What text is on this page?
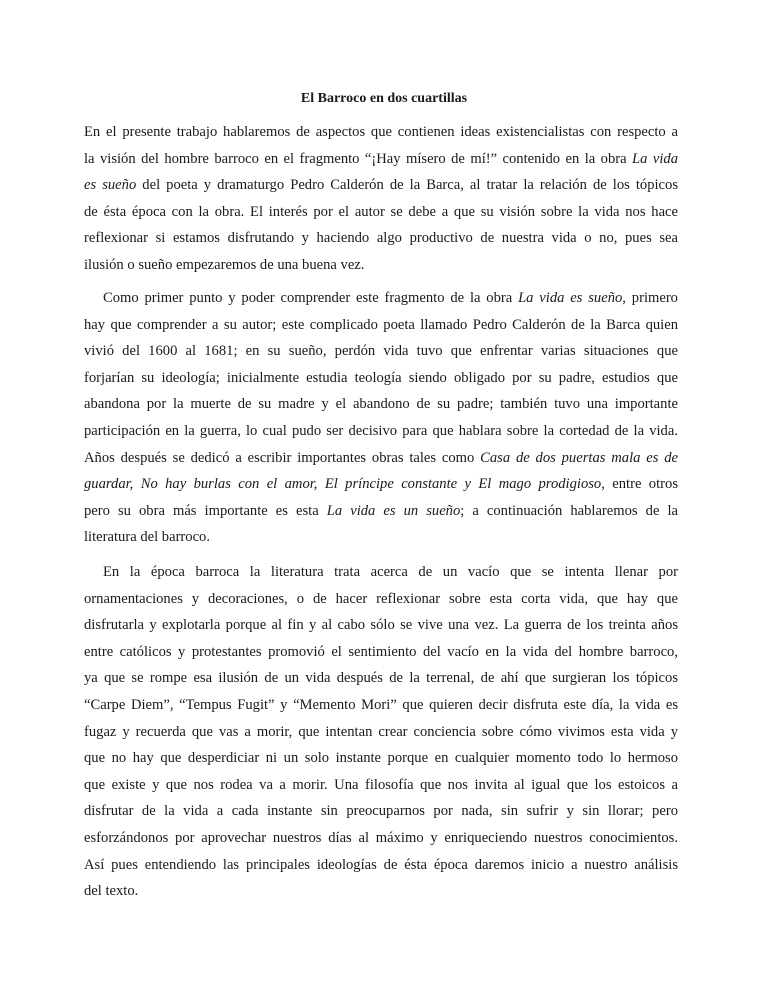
El Barroco en dos cuartillas
En el presente trabajo hablaremos de aspectos que contienen ideas existencialistas con respecto a
la visión del hombre barroco en el fragmento “¡Hay mísero de mí!” contenido en la obra La vida
es sueño del poeta y dramaturgo Pedro Calderón de la Barca, al tratar la relación de los tópicos
de ésta época con la obra. El interés por el autor se debe a que su visión sobre la vida nos hace
reflexionar si estamos disfrutando y haciendo algo productivo de nuestra vida o no, pues sea
ilusión o sueño empezaremos de una buena vez.
Como primer punto y poder comprender este fragmento de la obra La vida es sueño, primero
hay que comprender a su autor; este complicado poeta llamado Pedro Calderón de la Barca quien
vivió del 1600 al 1681; en su sueño, perdón vida tuvo que enfrentar varias situaciones que
forjarían su ideología; inicialmente estudia teología siendo obligado por su padre, estudios que
abandona por la muerte de su madre y el abandono de su padre; también tuvo una importante
participación en la guerra, lo cual pudo ser decisivo para que hablara sobre la cortedad de la vida.
Años después se dedicó a escribir importantes obras tales como Casa de dos puertas mala es de
guardar, No hay burlas con el amor, El príncipe constante y El mago prodigioso, entre otros
pero su obra más importante es esta La vida es un sueño; a continuación hablaremos de la
literatura del barroco.
En la época barroca la literatura trata acerca de un vacío que se intenta llenar por
ornamentaciones y decoraciones, o de hacer reflexionar sobre esta corta vida, que hay que
disfrutarla y explotarla porque al fin y al cabo sólo se vive una vez. La guerra de los treinta años
entre católicos y protestantes promovió el sentimiento del vacío en la vida del hombre barroco,
ya que se rompe esa ilusión de un vida después de la terrenal, de ahí que surgieran los tópicos
“Carpe Diem”, “Tempus Fugit” y “Memento Mori” que quieren decir disfruta este día, la vida es
fugaz y recuerda que vas a morir, que intentan crear conciencia sobre cómo vivimos esta vida y
que no hay que desperdiciar ni un solo instante porque en cualquier momento todo lo hermoso
que existe y que nos rodea va a morir. Una filosofía que nos invita al igual que los estoicos a
disfrutar de la vida a cada instante sin preocuparnos por nada, sin sufrir y sin llorar; pero
esforzándonos por aprovechar nuestros días al máximo y enriqueciendo nuestros conocimientos.
Así pues entendiendo las principales ideologías de ésta época daremos inicio a nuestro análisis
del texto.
